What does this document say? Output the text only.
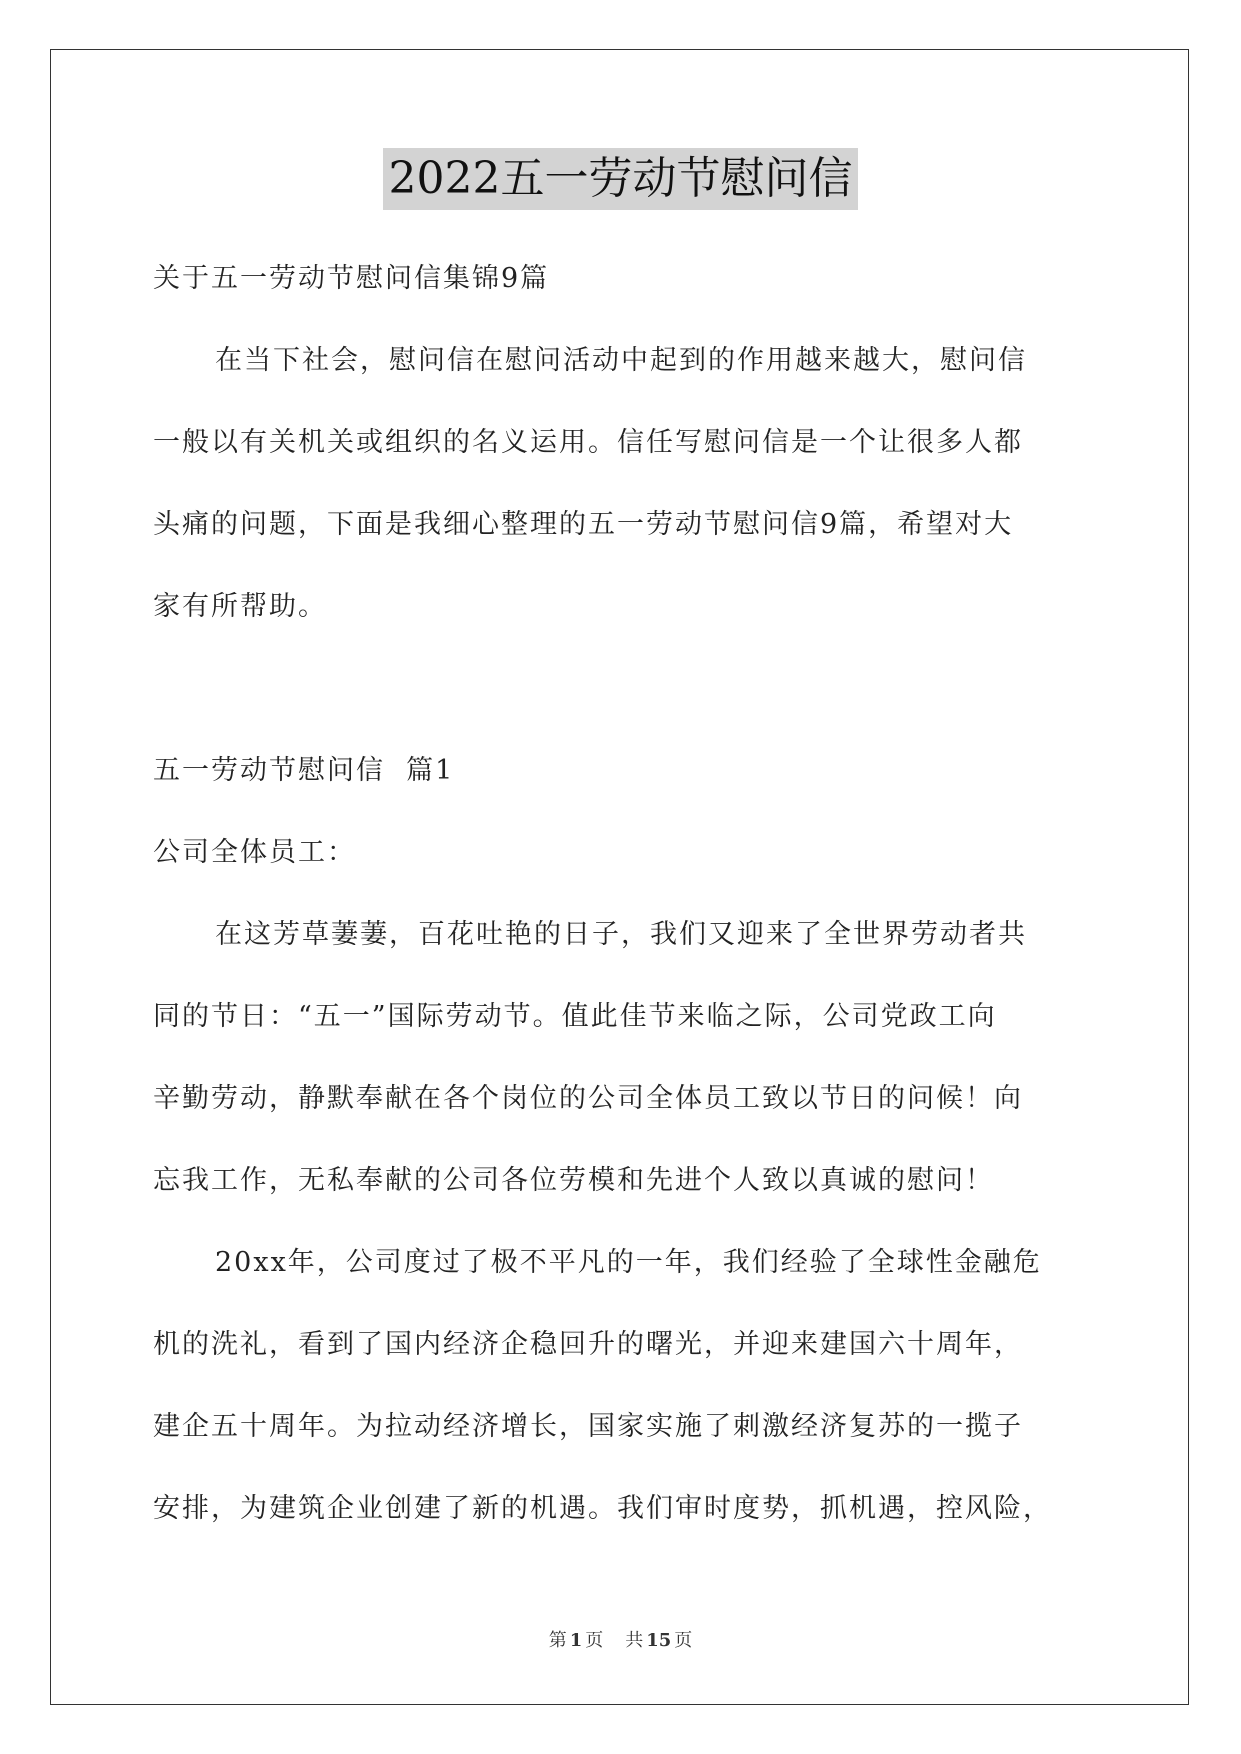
2022五一劳动节慰问信
关于五一劳动节慰问信集锦9篇
在当下社会，慰问信在慰问活动中起到的作用越来越大，慰问信
一般以有关机关或组织的名义运用。信任写慰问信是一个让很多人都
头痛的问题，下面是我细心整理的五一劳动节慰问信9篇，希望对大
家有所帮助。
五一劳动节慰问信  篇1
公司全体员工：
在这芳草萋萋，百花吐艳的日子，我们又迎来了全世界劳动者共
同的节日：“五一”国际劳动节。值此佳节来临之际，公司党政工向
辛勤劳动，静默奉献在各个岗位的公司全体员工致以节日的问候！向
忘我工作，无私奉献的公司各位劳模和先进个人致以真诚的慰问！
20xx年，公司度过了极不平凡的一年，我们经验了全球性金融危
机的洗礼，看到了国内经济企稳回升的曙光，并迎来建国六十周年，
建企五十周年。为拉动经济增长，国家实施了刺激经济复苏的一揽子
安排，为建筑企业创建了新的机遇。我们审时度势，抓机遇，控风险，
第 1 页 共 15 页
